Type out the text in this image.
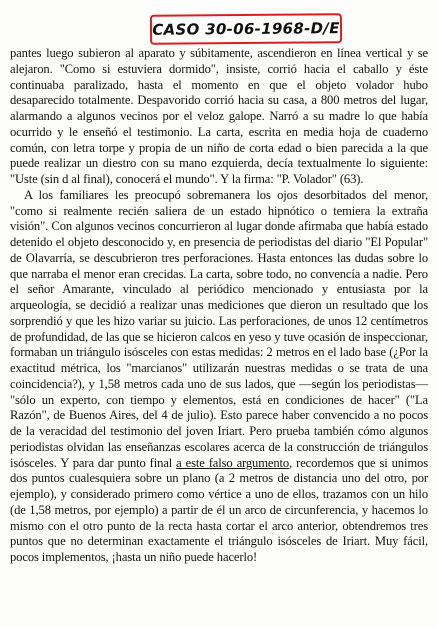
CASO 30-06-1968-D/E

pantes luego subieron al aparato y súbitamente, ascendieron en línea vertical y se alejaron. "Como si estuviera dormido", insiste, corrió hacia el caballo y éste continuaba paralizado, hasta el momento en que el objeto volador hubo desaparecido totalmente. Despavorido corrió hacia su casa, a 800 metros del lugar, alarmando a algunos vecinos por el veloz galope. Narró a su madre lo que había ocurrido y le enseñó el testimonio. La carta, escrita en media hoja de cuaderno común, con letra torpe y propia de un niño de corta edad o bien parecida a la que puede realizar un diestro con su mano ezquierda, decía textualmente lo siguiente: "Uste (sin d al final), conocerá el mundo". Y la firma: "P. Volador" (63).

A los familiares les preocupó sobremanera los ojos desorbitados del menor, "como si realmente recién saliera de un estado hipnótico o temiera la extraña visión". Con algunos vecinos concurrieron al lugar donde afirmaba que había estado detenido el objeto desconocido y, en presencia de periodistas del diario "El Popular" de Olavarría, se descubrieron tres perforaciones. Hasta entonces las dudas sobre lo que narraba el menor eran crecidas. La carta, sobre todo, no convencía a nadie. Pero el señor Amarante, vinculado al periódico mencionado y entusiasta por la arqueología, se decidió a realizar unas mediciones que dieron un resultado que los sorprendió y que les hizo variar su juicio. Las perforaciones, de unos 12 centímetros de profundidad, de las que se hicieron calcos en yeso y tuve ocasión de inspeccionar, formaban un triángulo isósceles con estas medidas: 2 metros en el lado base (¿Por la exactitud métrica, los "marcianos" utilizarán nuestras medidas o se trata de una coincidencia?), y 1,58 metros cada uno de sus lados, que —según los periodistas— "sólo un experto, con tiempo y elementos, está en condiciones de hacer" ("La Razón", de Buenos Aires, del 4 de julio). Esto parece haber convencido a no pocos de la veracidad del testimonio del joven Iriart. Pero prueba también cómo algunos periodistas olvidan las enseñanzas escolares acerca de la construcción de triángulos isósceles. Y para dar punto final a este falso argumento, recordemos que si unimos dos puntos cualesquiera sobre un plano (a 2 metros de distancia uno del otro, por ejemplo), y considerado primero como vértice a uno de ellos, trazamos con un hilo (de 1,58 metros, por ejemplo) a partir de él un arco de circunferencia, y hacemos lo mismo con el otro punto de la recta hasta cortar el arco anterior, obtendremos tres puntos que no determinan exactamente el triángulo isósceles de Iriart. Muy fácil, pocos implementos, ¡hasta un niño puede hacerlo!
